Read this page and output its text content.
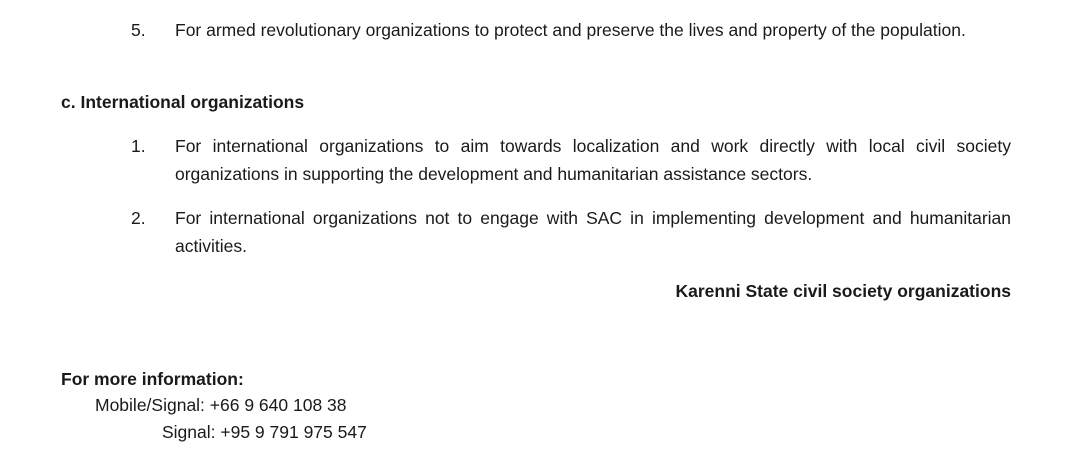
5.	For armed revolutionary organizations to protect and preserve the lives and property of the population.
c. International organizations
1.	For international organizations to aim towards localization and work directly with local civil society organizations in supporting the development and humanitarian assistance sectors.
2.	For international organizations not to engage with SAC in implementing development and humanitarian activities.
Karenni State civil society organizations
For more information:
Mobile/Signal: +66 9 640 108 38
Signal: +95 9 791 975 547
